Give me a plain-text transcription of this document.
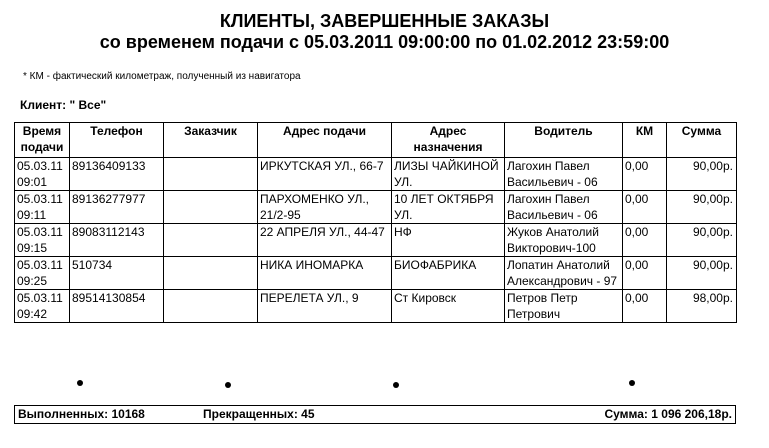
КЛИЕНТЫ, ЗАВЕРШЕННЫЕ ЗАКАЗЫ
со временем подачи с 05.03.2011 09:00:00 по 01.02.2012 23:59:00
* КМ - фактический километраж, полученный из навигатора
Клиент: " Все"
Время подачи	Телефон	Заказчик	Адрес подачи	Адрес назначения	Водитель	КМ	Сумма
05.03.11 09:01	89136409133		ИРКУТСКАЯ УЛ., 66-7	ЛИЗЫ ЧАЙКИНОЙ УЛ.	Лагохин Павел Васильевич - 06	0,00	90,00р.
05.03.11 09:11	89136277977		ПАРХОМЕНКО УЛ., 21/2-95	10 ЛЕТ ОКТЯБРЯ УЛ.	Лагохин Павел Васильевич - 06	0,00	90,00р.
05.03.11 09:15	89083112143		22 АПРЕЛЯ УЛ., 44-47	НФ	Жуков Анатолий Викторович-100	0,00	90,00р.
05.03.11 09:25	510734		НИКА ИНОМАРКА	БИОФАБРИКА	Лопатин Анатолий Александрович - 97	0,00	90,00р.
05.03.11 09:42	89514130854		ПЕРЕЛЕТА УЛ., 9	Ст Кировск	Петров Петр Петрович	0,00	98,00р.
Выполненных: 10168	Прекращенных: 45	Сумма: 1 096 206,18р.
